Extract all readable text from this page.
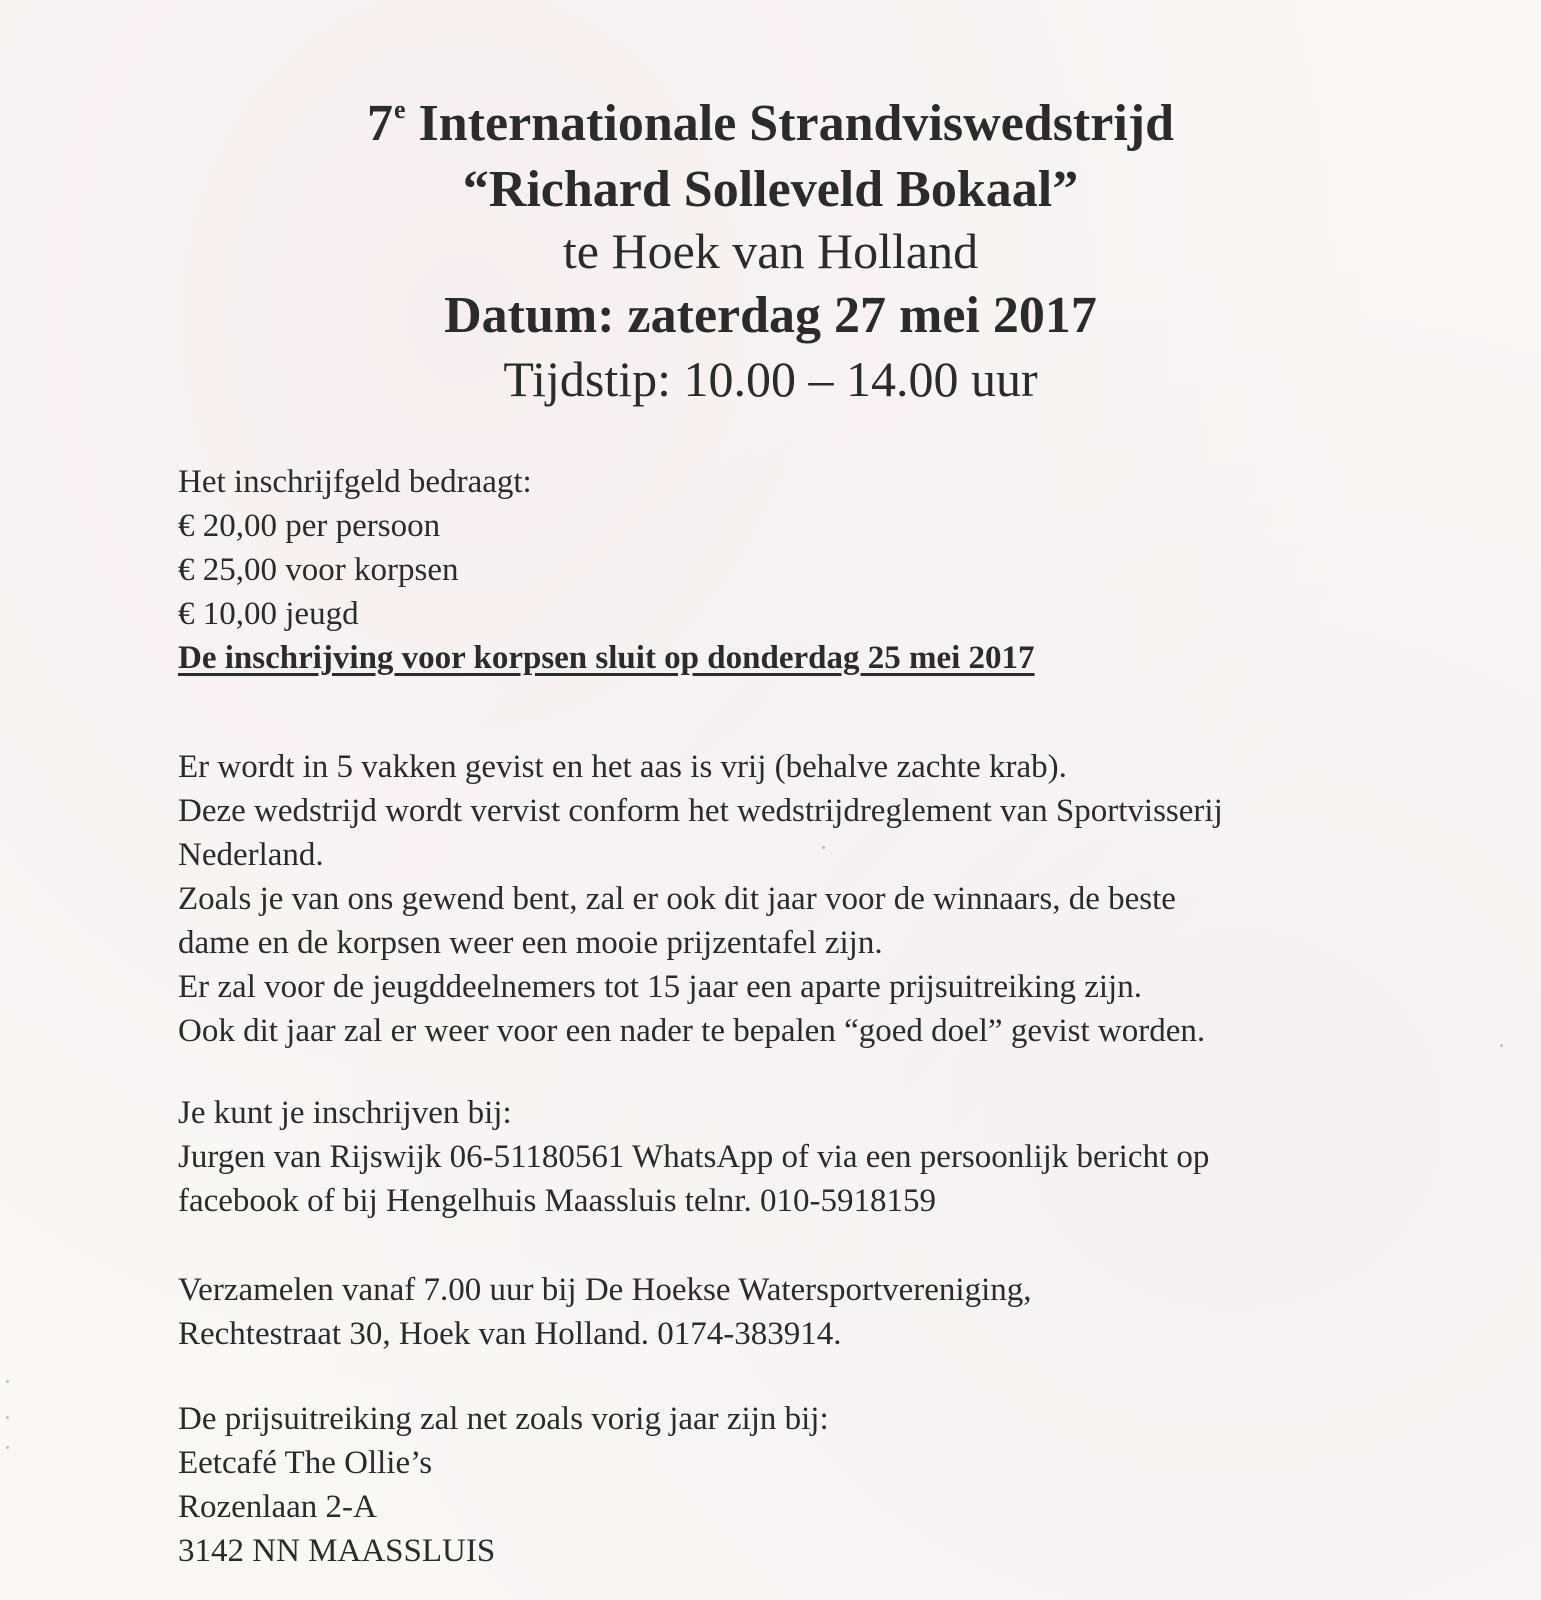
7e Internationale Strandviswedstrijd
“Richard Solleveld Bokaal”
te Hoek van Holland
Datum: zaterdag 27 mei 2017
Tijdstip: 10.00 – 14.00 uur
Het inschrijfgeld bedraagt:
€ 20,00 per persoon
€ 25,00 voor korpsen
€ 10,00 jeugd
De inschrijving voor korpsen sluit op donderdag 25 mei 2017
Er wordt in 5 vakken gevist en het aas is vrij (behalve zachte krab).
Deze wedstrijd wordt vervist conform het wedstrijdreglement van Sportvisserij
Nederland.
Zoals je van ons gewend bent, zal er ook dit jaar voor de winnaars, de beste
dame en de korpsen weer een mooie prijzentafel zijn.
Er zal voor de jeugddeelnemers tot 15 jaar een aparte prijsuitreiking zijn.
Ook dit jaar zal er weer voor een nader te bepalen “goed doel” gevist worden.
Je kunt je inschrijven bij:
Jurgen van Rijswijk 06-51180561 WhatsApp of via een persoonlijk bericht op
facebook of bij Hengelhuis Maassluis telnr. 010-5918159
Verzamelen vanaf 7.00 uur bij De Hoekse Watersportvereniging,
Rechtestraat 30, Hoek van Holland. 0174-383914.
De prijsuitreiking zal net zoals vorig jaar zijn bij:
Eetcafé The Ollie’s
Rozenlaan 2-A
3142 NN MAASSLUIS
